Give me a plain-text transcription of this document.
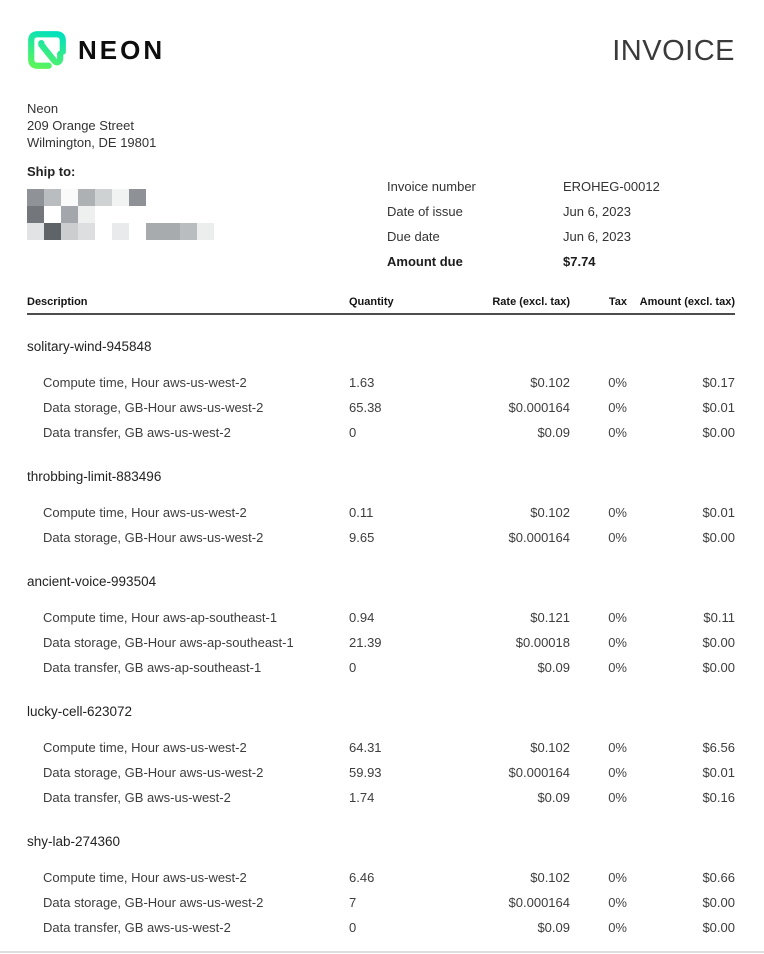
NEON	INVOICE
Neon
209 Orange Street
Wilmington, DE 19801
Ship to:
Invoice number	EROHEG-00012
Date of issue	Jun 6, 2023
Due date	Jun 6, 2023
Amount due	$7.74
Description	Quantity	Rate (excl. tax)	Tax	Amount (excl. tax)
solitary-wind-945848
Compute time, Hour aws-us-west-2	1.63	$0.102	0%	$0.17
Data storage, GB-Hour aws-us-west-2	65.38	$0.000164	0%	$0.01
Data transfer, GB aws-us-west-2	0	$0.09	0%	$0.00
throbbing-limit-883496
Compute time, Hour aws-us-west-2	0.11	$0.102	0%	$0.01
Data storage, GB-Hour aws-us-west-2	9.65	$0.000164	0%	$0.00
ancient-voice-993504
Compute time, Hour aws-ap-southeast-1	0.94	$0.121	0%	$0.11
Data storage, GB-Hour aws-ap-southeast-1	21.39	$0.00018	0%	$0.00
Data transfer, GB aws-ap-southeast-1	0	$0.09	0%	$0.00
lucky-cell-623072
Compute time, Hour aws-us-west-2	64.31	$0.102	0%	$6.56
Data storage, GB-Hour aws-us-west-2	59.93	$0.000164	0%	$0.01
Data transfer, GB aws-us-west-2	1.74	$0.09	0%	$0.16
shy-lab-274360
Compute time, Hour aws-us-west-2	6.46	$0.102	0%	$0.66
Data storage, GB-Hour aws-us-west-2	7	$0.000164	0%	$0.00
Data transfer, GB aws-us-west-2	0	$0.09	0%	$0.00
